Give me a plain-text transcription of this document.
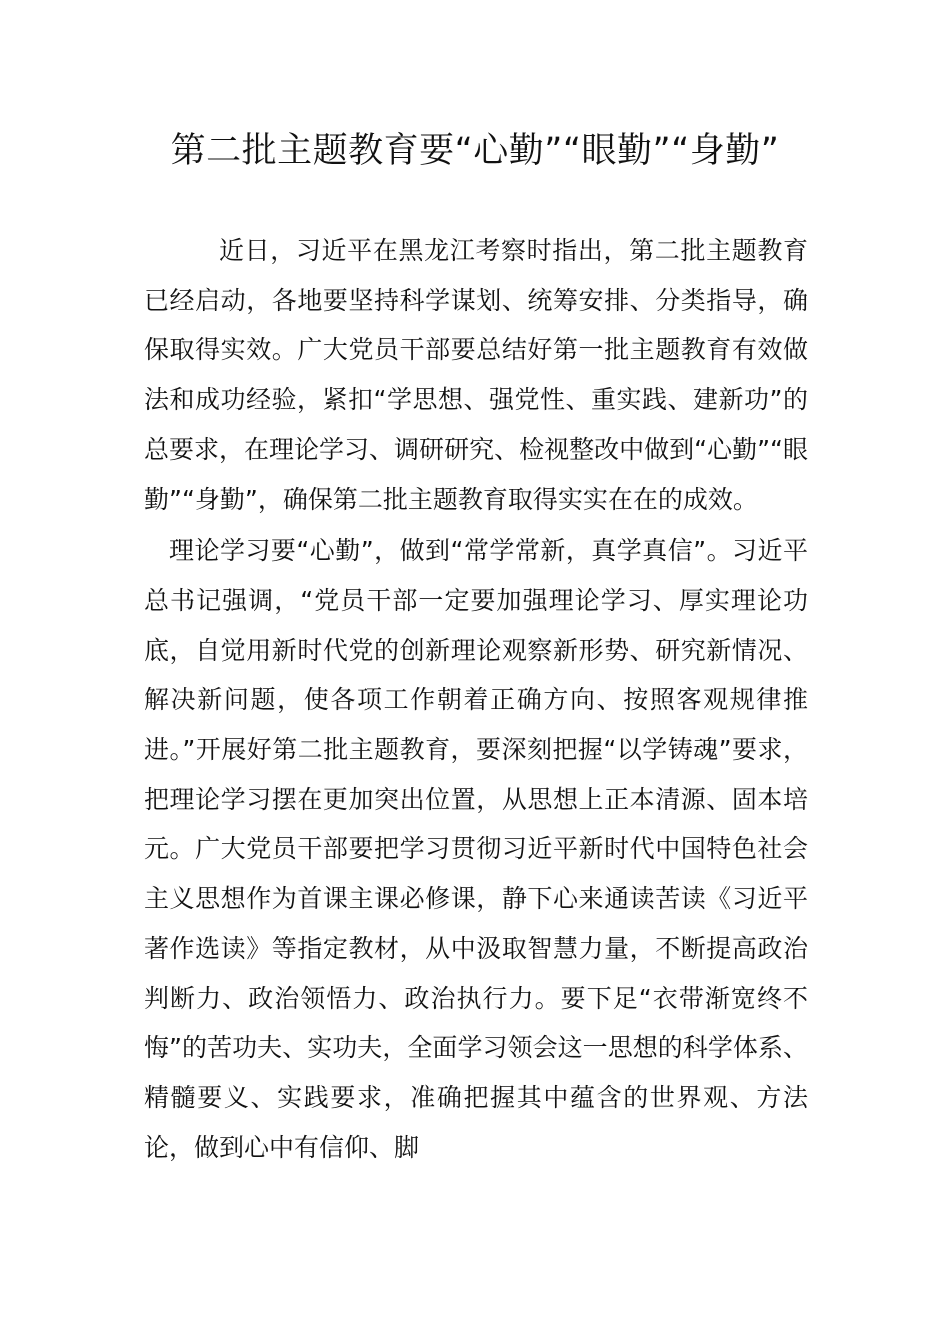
第二批主题教育要“心勤”“眼勤”“身勤”

近日，习近平在黑龙江考察时指出，第二批主题教育已经启动，各地要坚持科学谋划、统筹安排、分类指导，确保取得实效。广大党员干部要总结好第一批主题教育有效做法和成功经验，紧扣“学思想、强党性、重实践、建新功”的总要求，在理论学习、调研研究、检视整改中做到“心勤”“眼勤”“身勤”，确保第二批主题教育取得实实在在的成效。

理论学习要“心勤”，做到“常学常新，真学真信”。习近平总书记强调，“党员干部一定要加强理论学习、厚实理论功底，自觉用新时代党的创新理论观察新形势、研究新情况、解决新问题，使各项工作朝着正确方向、按照客观规律推进。”开展好第二批主题教育，要深刻把握“以学铸魂”要求，把理论学习摆在更加突出位置，从思想上正本清源、固本培元。广大党员干部要把学习贯彻习近平新时代中国特色社会主义思想作为首课主课必修课，静下心来通读苦读《习近平著作选读》等指定教材，从中汲取智慧力量，不断提高政治判断力、政治领悟力、政治执行力。要下足“衣带渐宽终不悔”的苦功夫、实功夫，全面学习领会这一思想的科学体系、精髓要义、实践要求，准确把握其中蕴含的世界观、方法论，做到心中有信仰、脚
